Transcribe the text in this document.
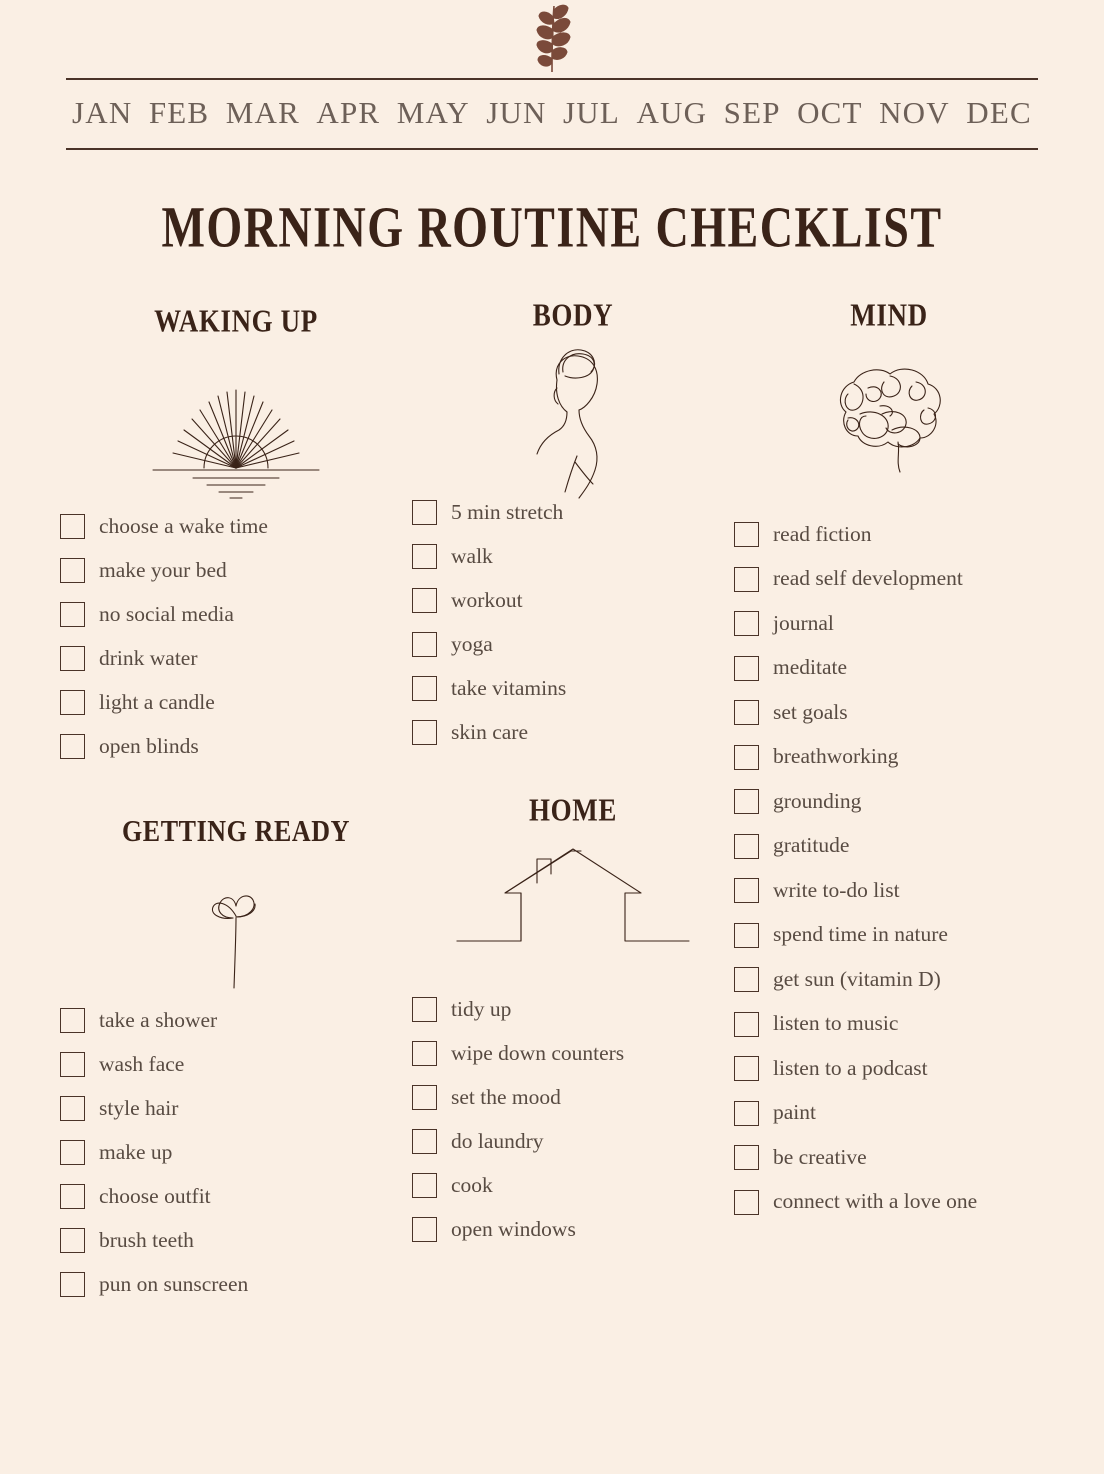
JAN FEB MAR APR MAY JUN JUL AUG SEP OCT NOV DEC
MORNING ROUTINE CHECKLIST
WAKING UP
choose a wake time
make your bed
no social media
drink water
light a candle
open blinds
GETTING READY
take a shower
wash face
style hair
make up
choose outfit
brush teeth
pun on sunscreen
BODY
5 min stretch
walk
workout
yoga
take vitamins
skin care
HOME
tidy up
wipe down counters
set the mood
do laundry
cook
open windows
MIND
read fiction
read self development
journal
meditate
set goals
breathworking
grounding
gratitude
write to-do list
spend time in nature
get sun (vitamin D)
listen to music
listen to a podcast
paint
be creative
connect with a love one
